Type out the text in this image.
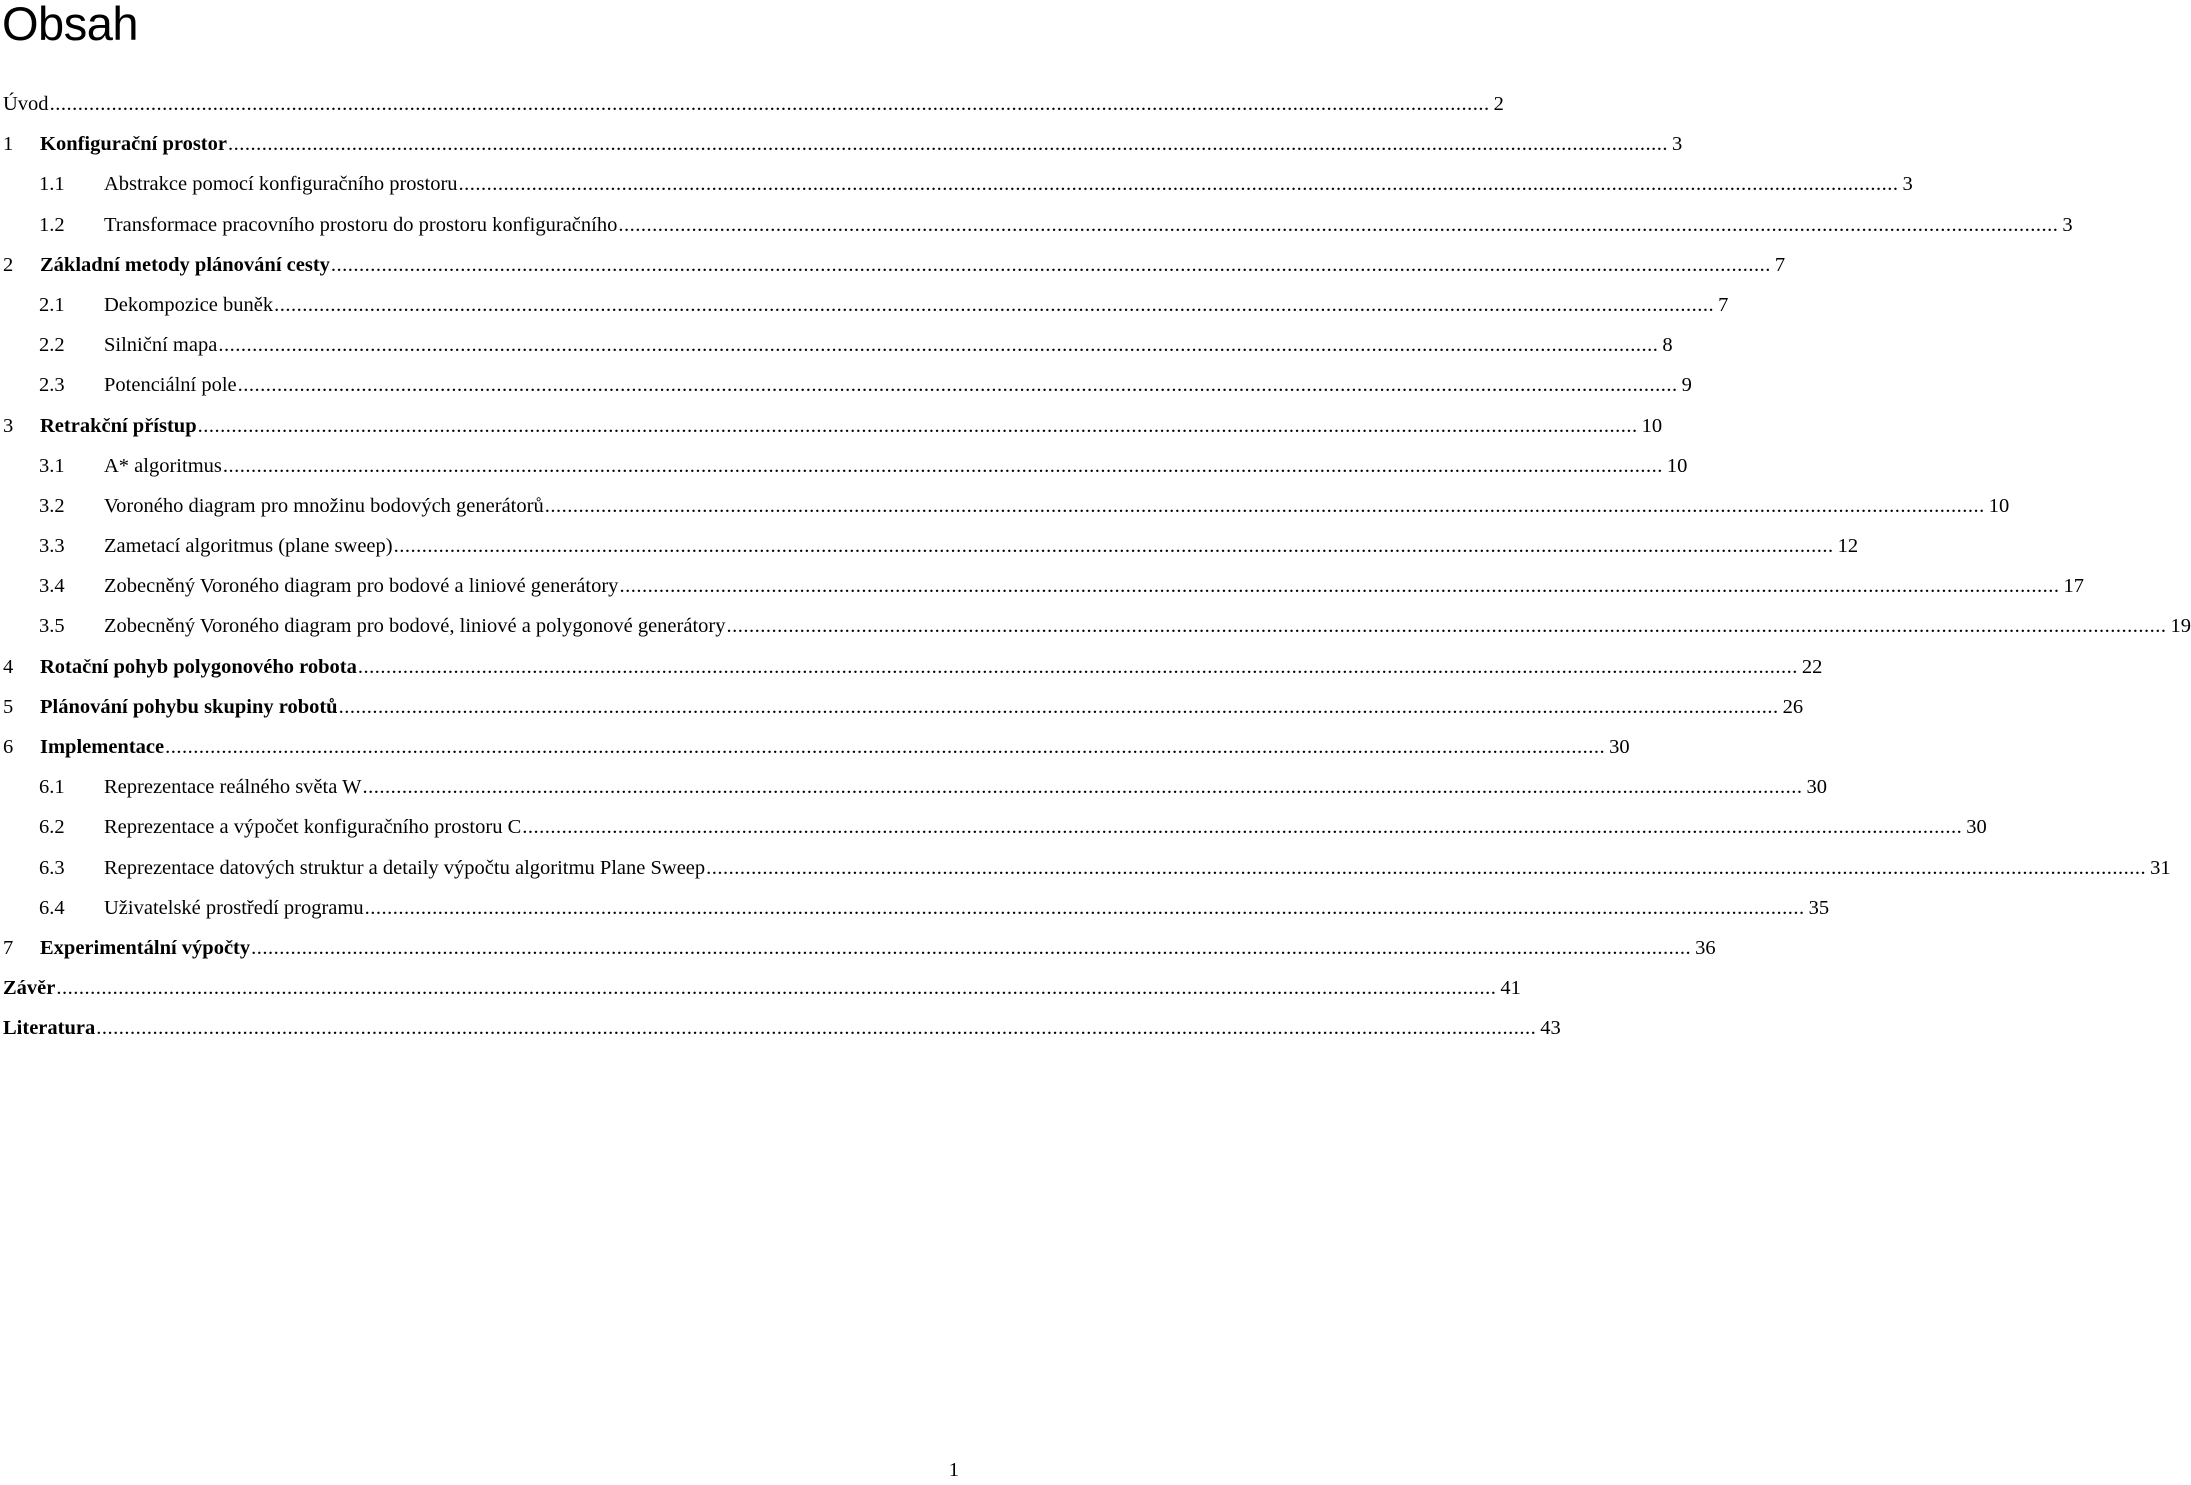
Obsah
Úvod .....	2
1 Konfigurační prostor .....	3
1.1 Abstrakce pomocí konfiguračního prostoru .....	3
1.2 Transformace pracovního prostoru do prostoru konfiguračního .....	3
2 Základní metody plánování cesty .....	7
2.1 Dekompozice buněk .....	7
2.2 Silniční mapa .....	8
2.3 Potenciální pole .....	9
3 Retrakční přístup .....	10
3.1 A* algoritmus .....	10
3.2 Voroného diagram pro množinu bodových generátorů .....	10
3.3 Zametací algoritmus (plane sweep) .....	12
3.4 Zobecněný Voroného diagram pro bodové a liniové generátory .....	17
3.5 Zobecněný Voroného diagram pro bodové, liniové a polygonové generátory .....	19
4 Rotační pohyb polygonového robota .....	22
5 Plánování pohybu skupiny robotů .....	26
6 Implementace .....	30
6.1 Reprezentace reálného světa W .....	30
6.2 Reprezentace a výpočet konfiguračního prostoru C .....	30
6.3 Reprezentace datových struktur a detaily výpočtu algoritmu Plane Sweep .....	31
6.4 Uživatelské prostředí programu .....	35
7 Experimentální výpočty .....	36
Závěr .....	41
Literatura .....	43
1
